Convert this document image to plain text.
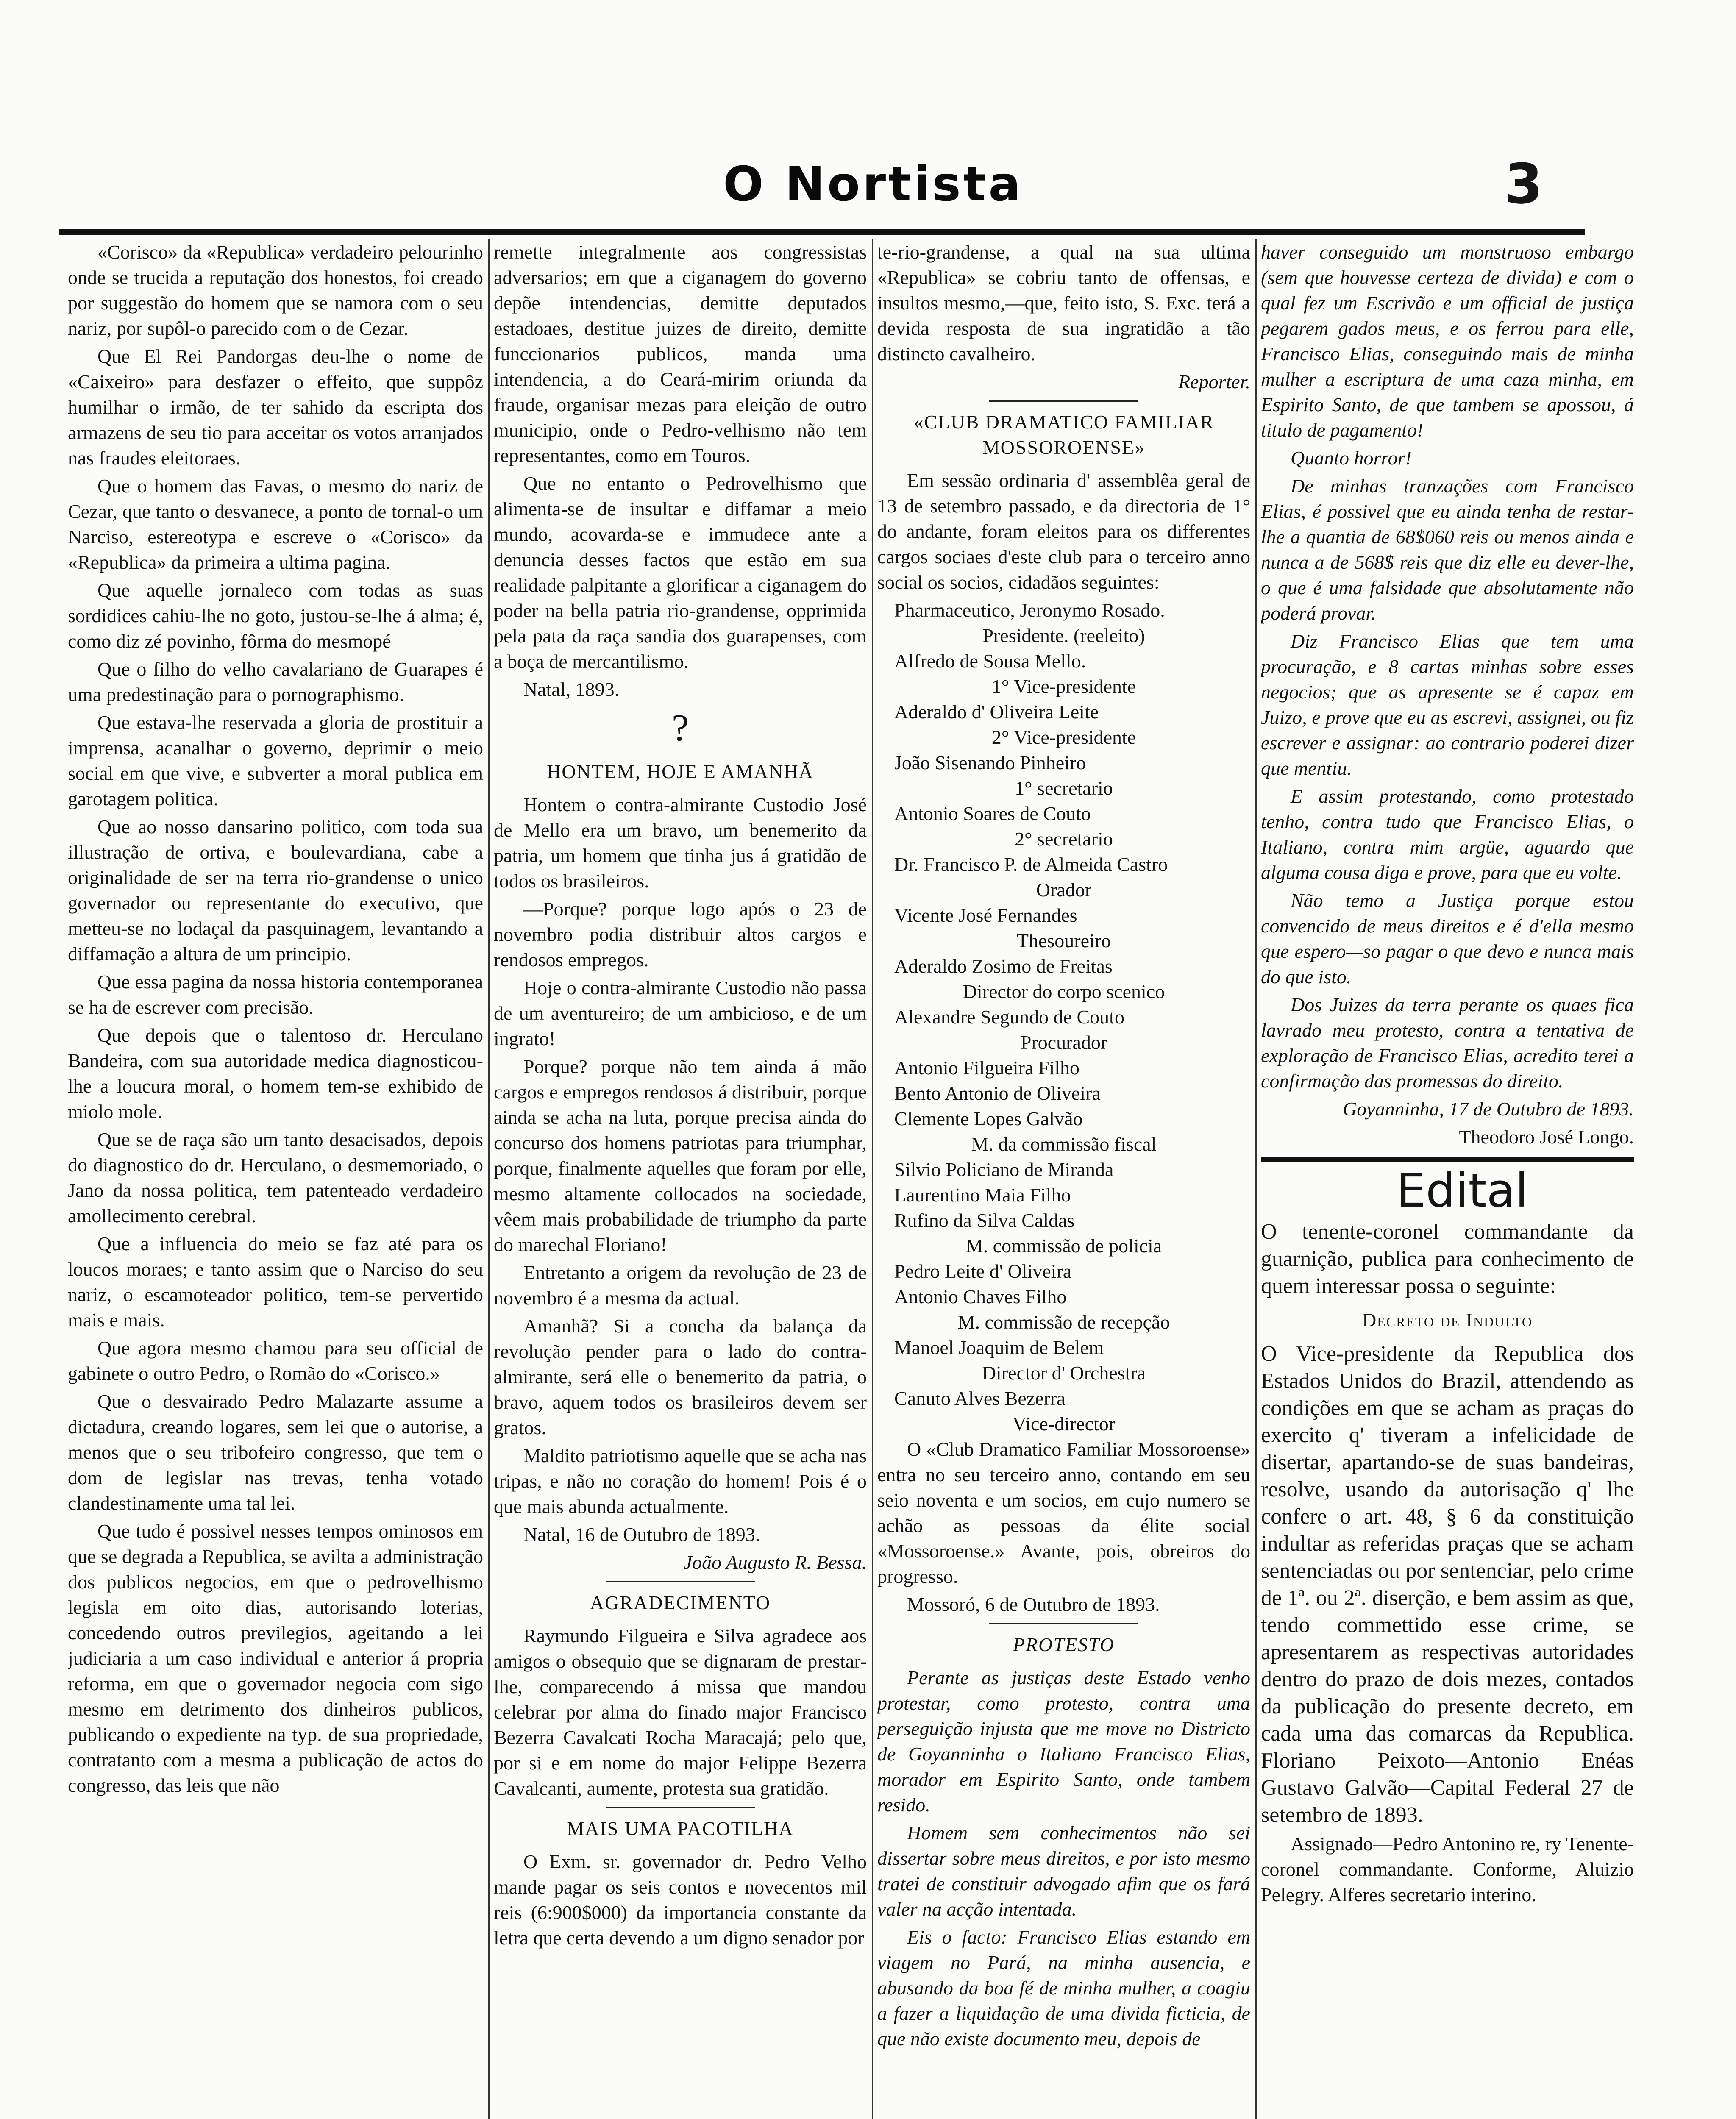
O Nortista	3

«Corisco» da «Republica» verdadeiro pelourinho onde se trucida a reputação dos honestos, foi creado por suggestão do homem que se namora com o seu nariz, por supôl-o parecido com o de Cezar.

Que El Rei Pandorgas deu-lhe o nome de «Caixeiro» para desfazer o effeito, que suppôz humilhar o irmão, de ter sahido da escripta dos armazens de seu tio para acceitar os votos arranjados nas fraudes eleitoraes.

Que o homem das Favas, o mesmo do nariz de Cezar, que tanto o desvanece, a ponto de tornal-o um Narciso, estereotypa e escreve o «Corisco» da «Republica» da primeira a ultima pagina.

Que aquelle jornaleco com todas as suas sordidices cahiu-lhe no goto, justou-se-lhe á alma; é, como diz zé povinho, fôrma do mesmopé

Que o filho do velho cavalariano de Guarapes é uma predestinação para o pornographismo.

Que estava-lhe reservada a gloria de prostituir a imprensa, acanalhar o governo, deprimir o meio social em que vive, e subverter a moral publica em garotagem politica.

Que ao nosso dansarino politico, com toda sua illustração de ortiva, e boulevardiana, cabe a originalidade de ser na terra rio-grandense o unico governador ou representante do executivo, que metteu-se no lodaçal da pasquinagem, levantando a diffamação a altura de um principio.

Que essa pagina da nossa historia contemporanea se ha de escrever com precisão.

Que depois que o talentoso dr. Herculano Bandeira, com sua autoridade medica diagnosticou-lhe a loucura moral, o homem tem-se exhibido de miolo mole.

Que se de raça são um tanto desacisados, depois do diagnostico do dr. Herculano, o desmemoriado, o Jano da nossa politica, tem patenteado verdadeiro amollecimento cerebral.

Que a influencia do meio se faz até para os loucos moraes; e tanto assim que o Narciso do seu nariz, o escamoteador politico, tem-se pervertido mais e mais.

Que agora mesmo chamou para seu official de gabinete o outro Pedro, o Romão do «Corisco.»

Que o desvairado Pedro Malazarte assume a dictadura, creando logares, sem lei que o autorise, a menos que o seu tribofeiro congresso, que tem o dom de legislar nas trevas, tenha votado clandestinamente uma tal lei.

Que tudo é possivel nesses tempos ominosos em que se degrada a Republica, se avilta a administração dos publicos negocios, em que o pedrovelhismo legisla em oito dias, autorisando loterias, concedendo outros previlegios, ageitando a lei judiciaria a um caso individual e anterior á propria reforma, em que o governador negocia com sigo mesmo em detrimento dos dinheiros publicos, publicando o expediente na typ. de sua propriedade, contratanto com a mesma a publicação de actos do congresso, das leis que não

remette integralmente aos congressistas adversarios; em que a ciganagem do governo depõe intendencias, demitte deputados estadoaes, destitue juizes de direito, demitte funccionarios publicos, manda uma intendencia, a do Ceará-mirim oriunda da fraude, organisar mezas para eleição de outro municipio, onde o Pedro-velhismo não tem representantes, como em Touros.

Que no entanto o Pedrovelhismo que alimenta-se de insultar e diffamar a meio mundo, acovarda-se e immudece ante a denuncia desses factos que estão em sua realidade palpitante a glorificar a ciganagem do poder na bella patria rio-grandense, opprimida pela pata da raça sandia dos guarapenses, com a boça de mercantilismo.

Natal, 1893.

?

HONTEM, HOJE E AMANHÃ

Hontem o contra-almirante Custodio José de Mello era um bravo, um benemerito da patria, um homem que tinha jus á gratidão de todos os brasileiros.

—Porque? porque logo após o 23 de novembro podia distribuir altos cargos e rendosos empregos.

Hoje o contra-almirante Custodio não passa de um aventureiro; de um ambicioso, e de um ingrato!

Porque? porque não tem ainda á mão cargos e empregos rendosos á distribuir, porque ainda se acha na luta, porque precisa ainda do concurso dos homens patriotas para triumphar, porque, finalmente aquelles que foram por elle, mesmo altamente collocados na sociedade, vêem mais probabilidade de triumpho da parte do marechal Floriano!

Entretanto a origem da revolução de 23 de novembro é a mesma da actual.

Amanhã? Si a concha da balança da revolução pender para o lado do contra-almirante, será elle o benemerito da patria, o bravo, aquem todos os brasileiros devem ser gratos.

Maldito patriotismo aquelle que se acha nas tripas, e não no coração do homem! Pois é o que mais abunda actualmente.

Natal, 16 de Outubro de 1893.

João Augusto R. Bessa.

AGRADECIMENTO

Raymundo Filgueira e Silva agradece aos amigos o obsequio que se dignaram de prestar-lhe, comparecendo á missa que mandou celebrar por alma do finado major Francisco Bezerra Cavalcati Rocha Maracajá; pelo que, por si e em nome do major Felippe Bezerra Cavalcanti, aumente, protesta sua gratidão.

MAIS UMA PACOTILHA

O Exm. sr. governador dr. Pedro Velho mande pagar os seis contos e novecentos mil reis (6:900$000) da importancia constante da letra que certa devendo a um digno senador por

te-rio-grandense, a qual na sua ultima «Republica» se cobriu tanto de offensas, e insultos mesmo,—que, feito isto, S. Exc. terá a devida resposta de sua ingratidão a tão distincto cavalheiro.

Reporter.

«CLUB DRAMATICO FAMILIAR MOSSOROENSE»

Em sessão ordinaria d' assemblêa geral de 13 de setembro passado, e da directoria de 1° do andante, foram eleitos para os differentes cargos sociaes d'este club para o terceiro anno social os socios, cidadãos seguintes:

Pharmaceutico, Jeronymo Rosado.
Presidente. (reeleito)
Alfredo de Sousa Mello.
1° Vice-presidente
Aderaldo d' Oliveira Leite
2° Vice-presidente
João Sisenando Pinheiro
1° secretario
Antonio Soares de Couto
2° secretario
Dr. Francisco P. de Almeida Castro
Orador
Vicente José Fernandes
Thesoureiro
Aderaldo Zosimo de Freitas
Director do corpo scenico
Alexandre Segundo de Couto
Procurador
Antonio Filgueira Filho
Bento Antonio de Oliveira
Clemente Lopes Galvão
M. da commissão fiscal
Silvio Policiano de Miranda
Laurentino Maia Filho
Rufino da Silva Caldas
M. commissão de policia
Pedro Leite d' Oliveira
Antonio Chaves Filho
M. commissão de recepção
Manoel Joaquim de Belem
Director d' Orchestra
Canuto Alves Bezerra
Vice-director

O «Club Dramatico Familiar Mossoroense» entra no seu terceiro anno, contando em seu seio noventa e um socios, em cujo numero se achão as pessoas da élite social «Mossoroense.» Avante, pois, obreiros do progresso.

Mossoró, 6 de Outubro de 1893.

PROTESTO

Perante as justiças deste Estado venho protestar, como protesto, contra uma perseguição injusta que me move no Districto de Goyanninha o Italiano Francisco Elias, morador em Espirito Santo, onde tambem resido.

Homem sem conhecimentos não sei dissertar sobre meus direitos, e por isto mesmo tratei de constituir advogado afim que os fará valer na acção intentada.

Eis o facto: Francisco Elias estando em viagem no Pará, na minha ausencia, e abusando da boa fé de minha mulher, a coagiu a fazer a liquidação de uma divida ficticia, de que não existe documento meu, depois de

haver conseguido um monstruoso embargo (sem que houvesse certeza de divida) e com o qual fez um Escrivão e um official de justiça pegarem gados meus, e os ferrou para elle, Francisco Elias, conseguindo mais de minha mulher a escriptura de uma caza minha, em Espirito Santo, de que tambem se apossou, á titulo de pagamento!

Quanto horror!

De minhas tranzações com Francisco Elias, é possivel que eu ainda tenha de restar-lhe a quantia de 68$060 reis ou menos ainda e nunca a de 568$ reis que diz elle eu dever-lhe, o que é uma falsidade que absolutamente não poderá provar.

Diz Francisco Elias que tem uma procuração, e 8 cartas minhas sobre esses negocios; que as apresente se é capaz em Juizo, e prove que eu as escrevi, assignei, ou fiz escrever e assignar: ao contrario poderei dizer que mentiu.

E assim protestando, como protestado tenho, contra tudo que Francisco Elias, o Italiano, contra mim argüe, aguardo que alguma cousa diga e prove, para que eu volte.

Não temo a Justiça porque estou convencido de meus direitos e é d'ella mesmo que espero—so pagar o que devo e nunca mais do que isto.

Dos Juizes da terra perante os quaes fica lavrado meu protesto, contra a tentativa de exploração de Francisco Elias, acredito terei a confirmação das promessas do direito.

Goyanninha, 17 de Outubro de 1893.

Theodoro José Longo.

Edital

O tenente-coronel commandante da guarnição, publica para conhecimento de quem interessar possa o seguinte:

Decreto de Indulto

O Vice-presidente da Republica dos Estados Unidos do Brazil, attendendo as condições em que se acham as praças do exercito q' tiveram a infelicidade de disertar, apartando-se de suas bandeiras, resolve, usando da autorisação q' lhe confere o art. 48, § 6 da constituição indultar as referidas praças que se acham sentenciadas ou por sentenciar, pelo crime de 1ª. ou 2ª. diserção, e bem assim as que, tendo commettido esse crime, se apresentarem as respectivas autoridades dentro do prazo de dois mezes, contados da publicação do presente decreto, em cada uma das comarcas da Republica. Floriano Peixoto—Antonio Enéas Gustavo Galvão—Capital Federal 27 de setembro de 1893.

Assignado—Pedro Antonino re, ry Tenente-coronel commandante. Conforme, Aluizio Pelegry. Alferes secretario interino.
